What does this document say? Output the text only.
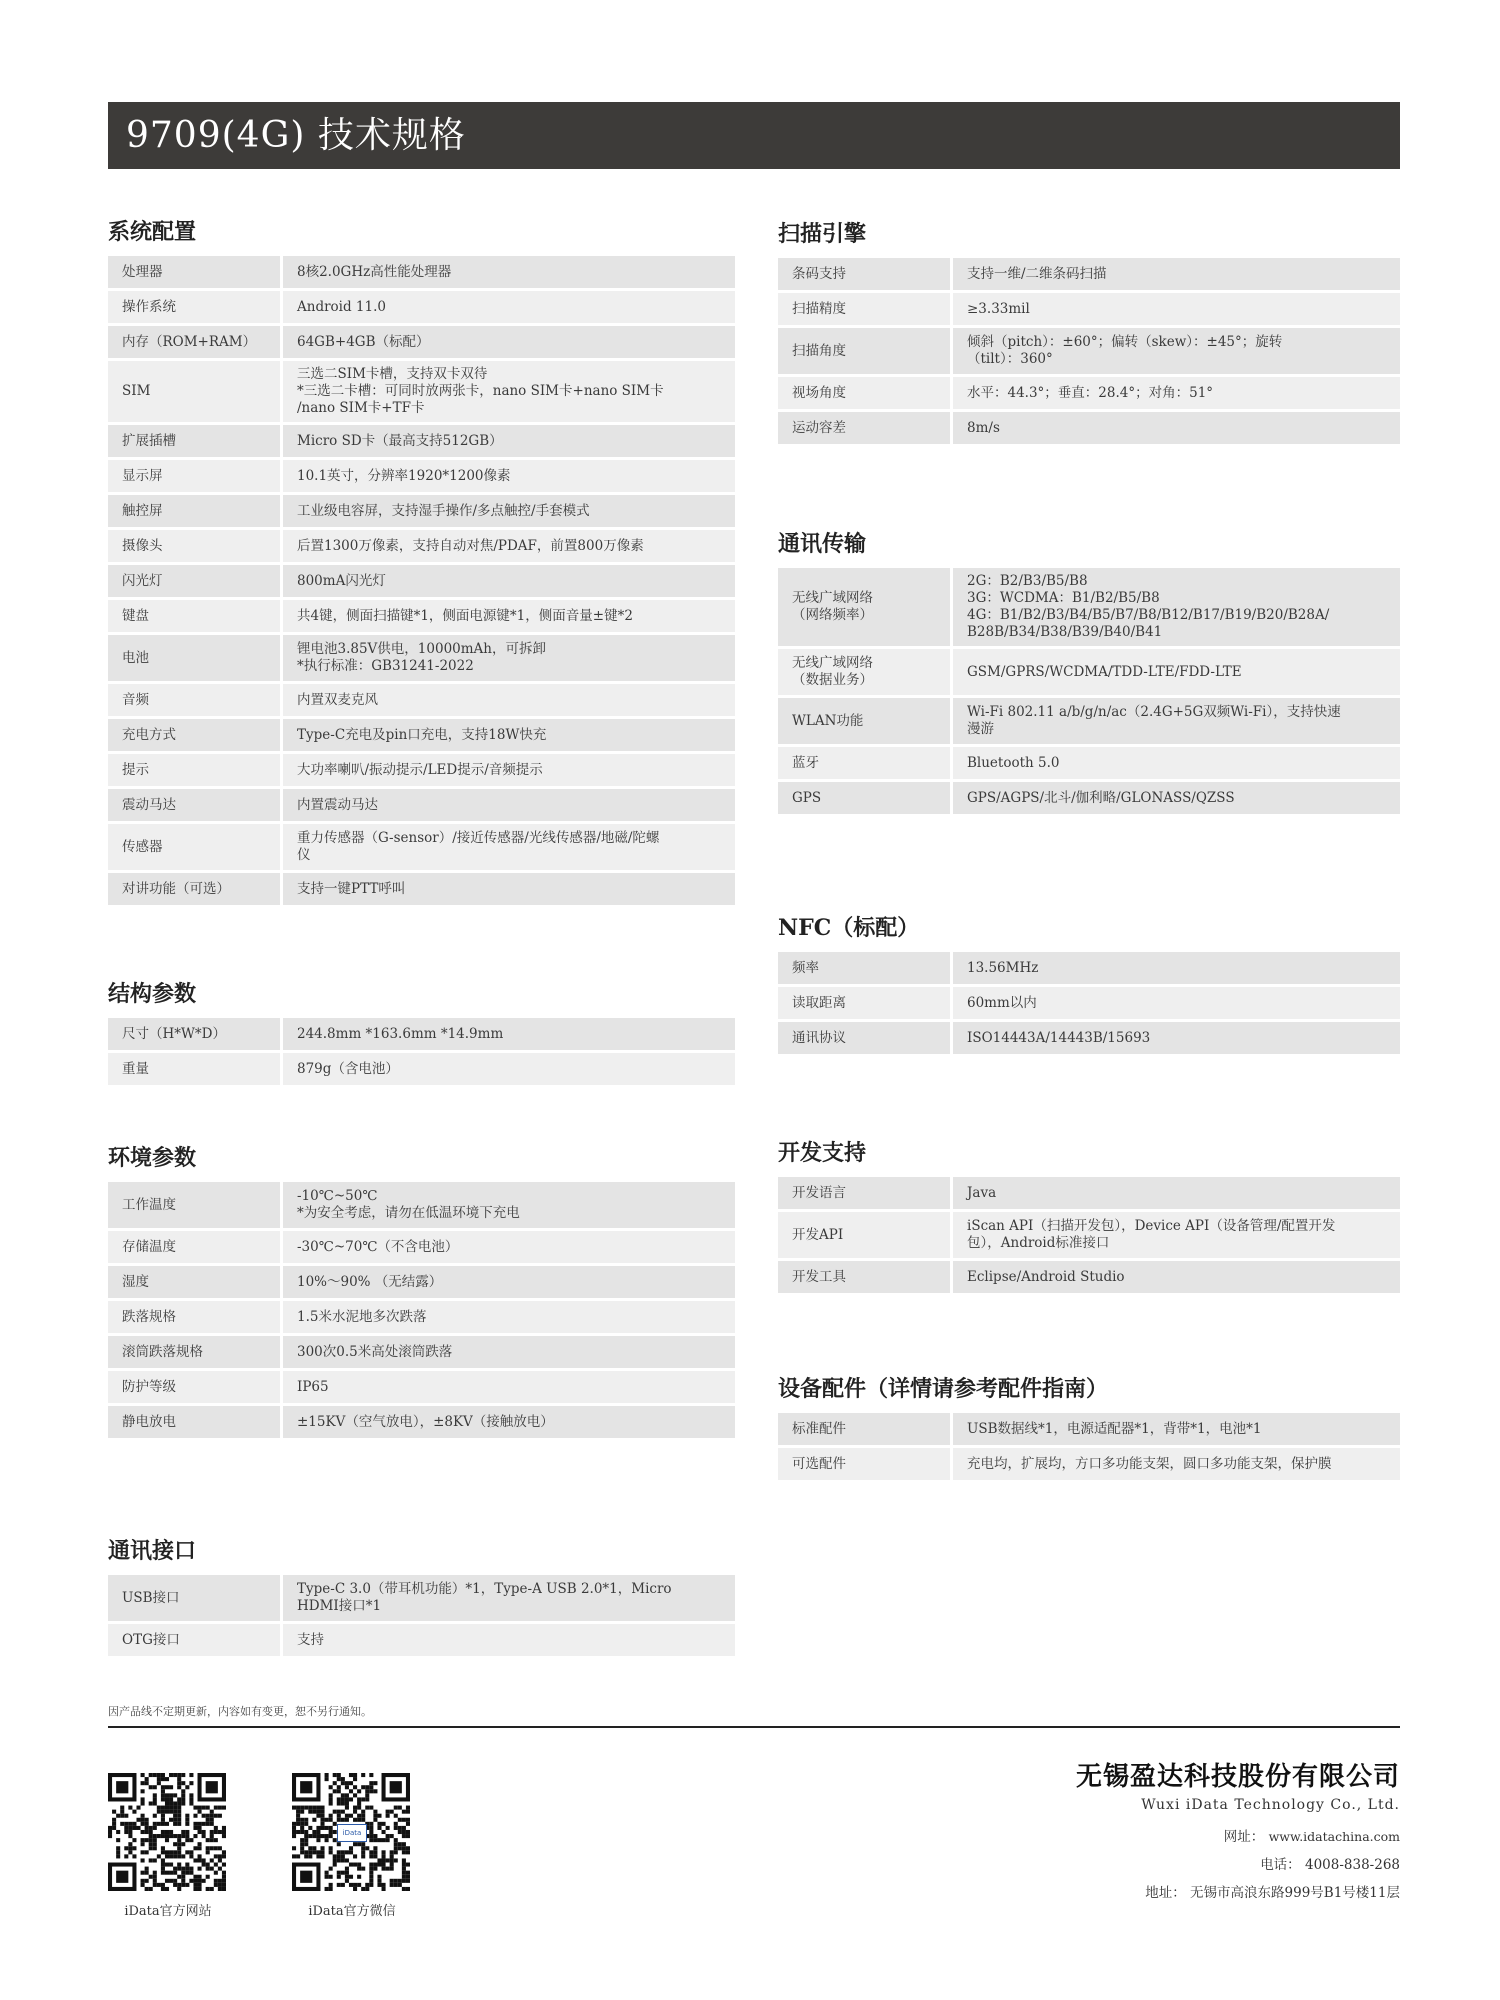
9709(4G) 技术规格
系统配置
处理器	8核2.0GHz高性能处理器

操作系统	Android 11.0

内存（ROM+RAM）	64GB+4GB（标配）

SIM	三选二SIM卡槽，支持双卡双待
*三选二卡槽：可同时放两张卡，nano SIM卡+nano SIM卡
/nano SIM卡+TF卡

扩展插槽	Micro SD卡（最高支持512GB）

显示屏	10.1英寸，分辨率1920*1200像素

触控屏	工业级电容屏，支持湿手操作/多点触控/手套模式

摄像头	后置1300万像素，支持自动对焦/PDAF，前置800万像素

闪光灯	800mA闪光灯

键盘	共4键，侧面扫描键*1，侧面电源键*1，侧面音量±键*2

电池	锂电池3.85V供电，10000mAh，可拆卸
*执行标准：GB31241-2022

音频	内置双麦克风

充电方式	Type-C充电及pin口充电，支持18W快充

提示	大功率喇叭/振动提示/LED提示/音频提示

震动马达	内置震动马达

传感器	重力传感器（G-sensor）/接近传感器/光线传感器/地磁/陀螺
仪

对讲功能（可选）	支持一键PTT呼叫
结构参数
尺寸（H*W*D）	244.8mm *163.6mm *14.9mm

重量	879g（含电池）
环境参数
工作温度	-10℃~50℃
*为安全考虑，请勿在低温环境下充电

存储温度	-30℃~70℃（不含电池）

湿度	10%～90% （无结露）

跌落规格	1.5米水泥地多次跌落

滚筒跌落规格	300次0.5米高处滚筒跌落

防护等级	IP65

静电放电	±15KV（空气放电），±8KV（接触放电）
通讯接口
USB接口	Type-C 3.0（带耳机功能）*1，Type-A USB 2.0*1，Micro
HDMI接口*1

OTG接口	支持
扫描引擎
条码支持	支持一维/二维条码扫描

扫描精度	≥3.33mil

扫描角度	倾斜（pitch）：±60°；偏转（skew）：±45°；旋转
（tilt）：360°

视场角度	水平：44.3°；垂直：28.4°；对角：51°

运动容差	8m/s
通讯传输
无线广域网络
（网络频率）	2G：B2/B3/B5/B8
3G：WCDMA：B1/B2/B5/B8
4G：B1/B2/B3/B4/B5/B7/B8/B12/B17/B19/B20/B28A/
B28B/B34/B38/B39/B40/B41

无线广域网络
（数据业务）	GSM/GPRS/WCDMA/TDD-LTE/FDD-LTE

WLAN功能	Wi-Fi 802.11 a/b/g/n/ac（2.4G+5G双频Wi-Fi），支持快速
漫游

蓝牙	Bluetooth 5.0

GPS	GPS/AGPS/北斗/伽利略/GLONASS/QZSS
NFC（标配）
频率	13.56MHz

读取距离	60mm以内

通讯协议	ISO14443A/14443B/15693
开发支持
开发语言	Java

开发API	iScan API（扫描开发包），Device API（设备管理/配置开发
包），Android标准接口

开发工具	Eclipse/Android Studio
设备配件（详情请参考配件指南）
标准配件	USB数据线*1，电源适配器*1，背带*1，电池*1

可选配件	充电均，扩展均，方口多功能支架，圆口多功能支架，保护膜
因产品线不定期更新，内容如有变更，恕不另行通知。
iData官方网站
iData
iData官方微信
无锡盈达科技股份有限公司
Wuxi iData Technology Co., Ltd.
网址： www.idatachina.com
电话： 4008-838-268
地址： 无锡市高浪东路999号B1号楼11层
